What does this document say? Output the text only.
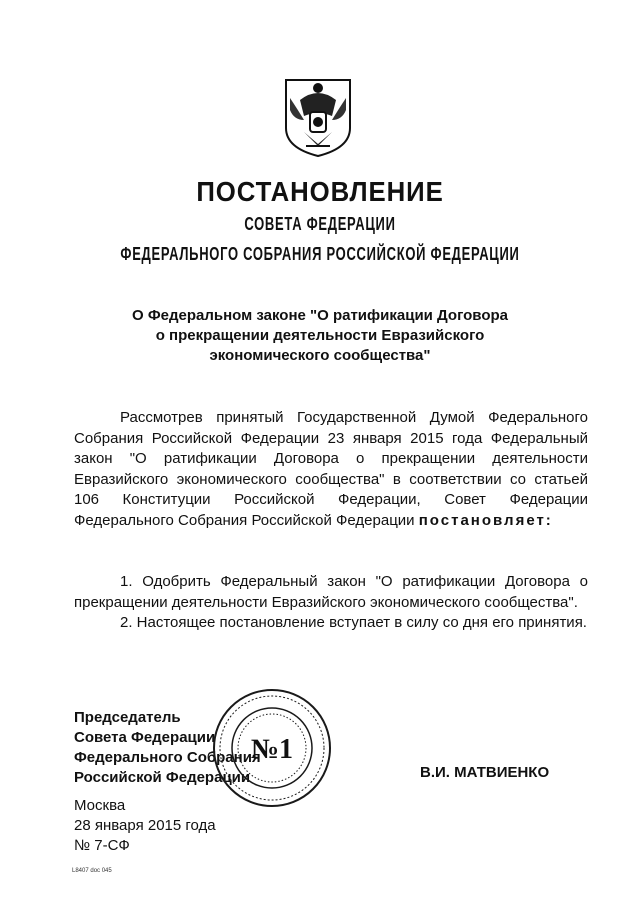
ПОСТАНОВЛЕНИЕ
СОВЕТА ФЕДЕРАЦИИ
ФЕДЕРАЛЬНОГО СОБРАНИЯ РОССИЙСКОЙ ФЕДЕРАЦИИ
О Федеральном законе "О ратификации Договора
о прекращении деятельности Евразийского
экономического сообщества"

Рассмотрев принятый Государственной Думой Федерального Собрания Российской Федерации 23 января 2015 года Федеральный закон "О ратификации Договора о прекращении деятельности Евразийского экономического сообщества" в соответствии со статьей 106 Конституции Российской Федерации, Совет Федерации Федерального Собрания Российской Федерации постановляет:

1. Одобрить Федеральный закон "О ратификации Договора о прекращении деятельности Евразийского экономического сообщества".

2. Настоящее постановление вступает в силу со дня его принятия.

Председатель
Совета Федерации
Федерального Собрания
Российской Федерации
№1
В.И. МАТВИЕНКО
Москва
28 января 2015 года
№ 7-СФ
L8407 doc 045
